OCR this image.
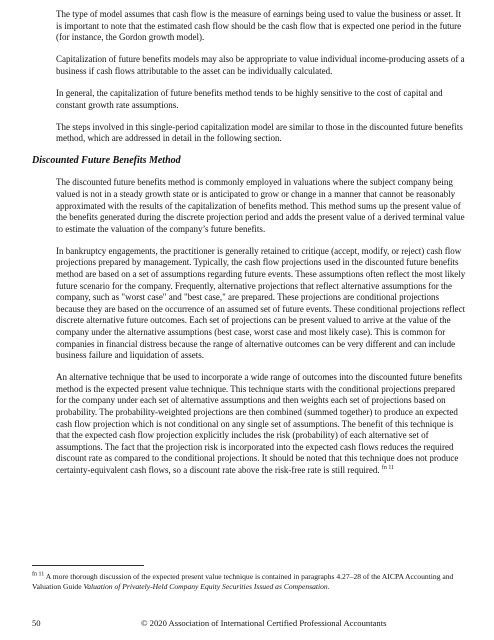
The type of model assumes that cash flow is the measure of earnings being used to value the business or asset. It is important to note that the estimated cash flow should be the cash flow that is expected one period in the future (for instance, the Gordon growth model).

Capitalization of future benefits models may also be appropriate to value individual income-producing assets of a business if cash flows attributable to the asset can be individually calculated.

In general, the capitalization of future benefits method tends to be highly sensitive to the cost of capital and constant growth rate assumptions.

The steps involved in this single-period capitalization model are similar to those in the discounted future benefits method, which are addressed in detail in the following section.

Discounted Future Benefits Method

The discounted future benefits method is commonly employed in valuations where the subject company being valued is not in a steady growth state or is anticipated to grow or change in a manner that cannot be reasonably approximated with the results of the capitalization of benefits method. This method sums up the present value of the benefits generated during the discrete projection period and adds the present value of a derived terminal value to estimate the valuation of the company’s future benefits.

In bankruptcy engagements, the practitioner is generally retained to critique (accept, modify, or reject) cash flow projections prepared by management. Typically, the cash flow projections used in the discounted future benefits method are based on a set of assumptions regarding future events. These assumptions often reflect the most likely future scenario for the company. Frequently, alternative projections that reflect alternative assumptions for the company, such as "worst case" and "best case," are prepared. These projections are conditional projections because they are based on the occurrence of an assumed set of future events. These conditional projections reflect discrete alternative future outcomes. Each set of projections can be present valued to arrive at the value of the company under the alternative assumptions (best case, worst case and most likely case). This is common for companies in financial distress because the range of alternative outcomes can be very different and can include business failure and liquidation of assets.

An alternative technique that be used to incorporate a wide range of outcomes into the discounted future benefits method is the expected present value technique. This technique starts with the conditional projections prepared for the company under each set of alternative assumptions and then weights each set of projections based on probability. The probability-weighted projections are then combined (summed together) to produce an expected cash flow projection which is not conditional on any single set of assumptions. The benefit of this technique is that the expected cash flow projection explicitly includes the risk (probability) of each alternative set of assumptions. The fact that the projection risk is incorporated into the expected cash flows reduces the required discount rate as compared to the conditional projections. It should be noted that this technique does not produce certainty-equivalent cash flows, so a discount rate above the risk-free rate is still required. $^{fn 11}$

$^{fn 11}$ A more thorough discussion of the expected present value technique is contained in paragraphs 4.27–28 of the AICPA Accounting and Valuation Guide Valuation of Privately-Held Company Equity Securities Issued as Compensation.
50	© 2020 Association of International Certified Professional Accountants
